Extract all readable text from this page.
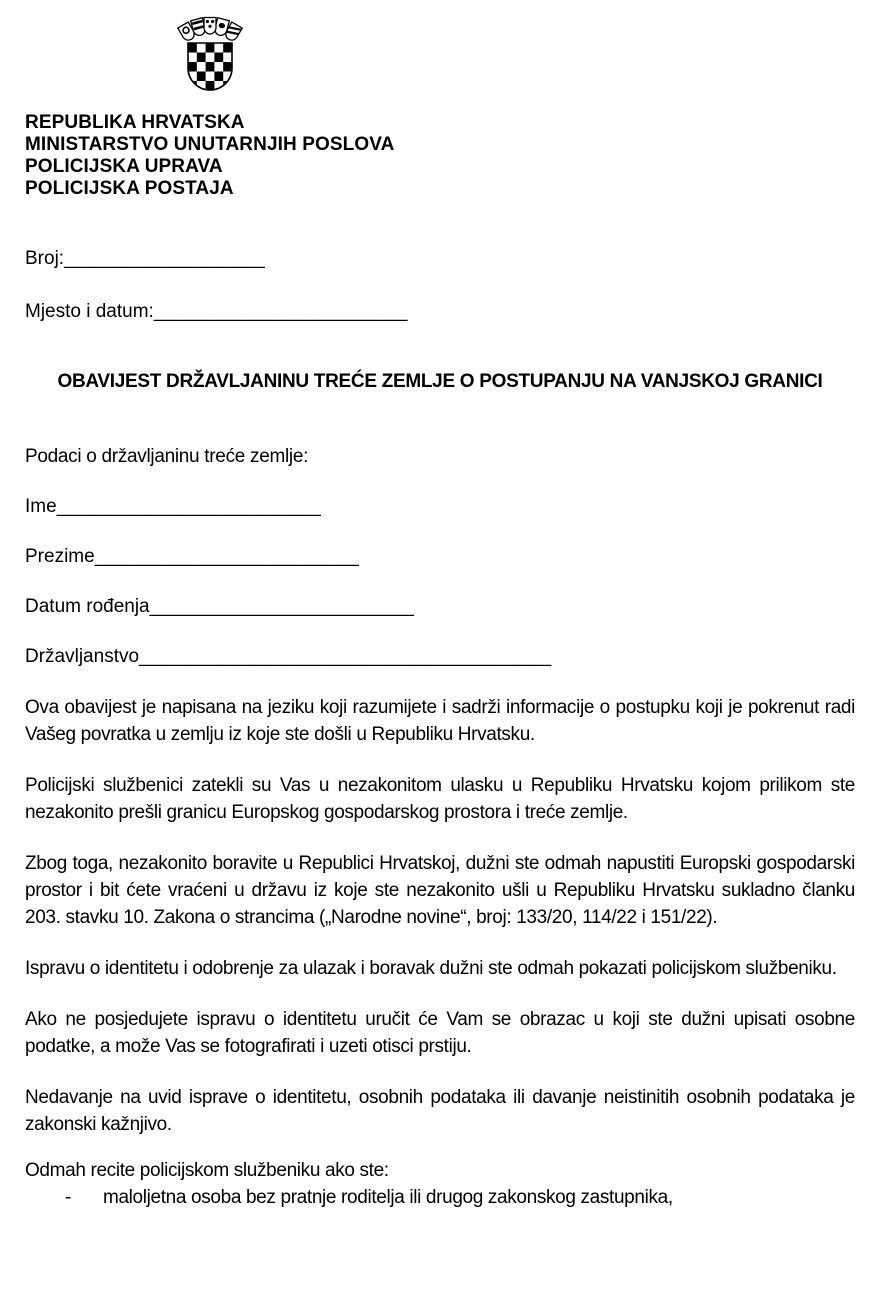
REPUBLIKA HRVATSKA
MINISTARSTVO UNUTARNJIH POSLOVA
POLICIJSKA UPRAVA
POLICIJSKA POSTAJA
Broj:___________________
Mjesto i datum:________________________
OBAVIJEST DRŽAVLJANINU TREĆE ZEMLJE O POSTUPANJU NA VANJSKOJ GRANICI
Podaci o državljaninu treće zemlje:
Ime_________________________
Prezime_________________________
Datum rođenja_________________________
Državljanstvo_______________________________________

Ova obavijest je napisana na jeziku koji razumijete i sadrži informacije o postupku koji je pokrenut radi Vašeg povratka u zemlju iz koje ste došli u Republiku Hrvatsku.

Policijski službenici zatekli su Vas u nezakonitom ulasku u Republiku Hrvatsku kojom prilikom ste nezakonito prešli granicu Europskog gospodarskog prostora i treće zemlje.

Zbog toga, nezakonito boravite u Republici Hrvatskoj, dužni ste odmah napustiti Europski gospodarski prostor i bit ćete vraćeni u državu iz koje ste nezakonito ušli u Republiku Hrvatsku sukladno članku 203. stavku 10. Zakona o strancima („Narodne novine“, broj: 133/20, 114/22 i 151/22).

Ispravu o identitetu i odobrenje za ulazak i boravak dužni ste odmah pokazati policijskom službeniku.

Ako ne posjedujete ispravu o identitetu uručit će Vam se obrazac u koji ste dužni upisati osobne podatke, a može Vas se fotografirati i uzeti otisci prstiju.

Nedavanje na uvid isprave o identitetu, osobnih podataka ili davanje neistinitih osobnih podataka je zakonski kažnjivo.

Odmah recite policijskom službeniku ako ste:
- maloljetna osoba bez pratnje roditelja ili drugog zakonskog zastupnika,
